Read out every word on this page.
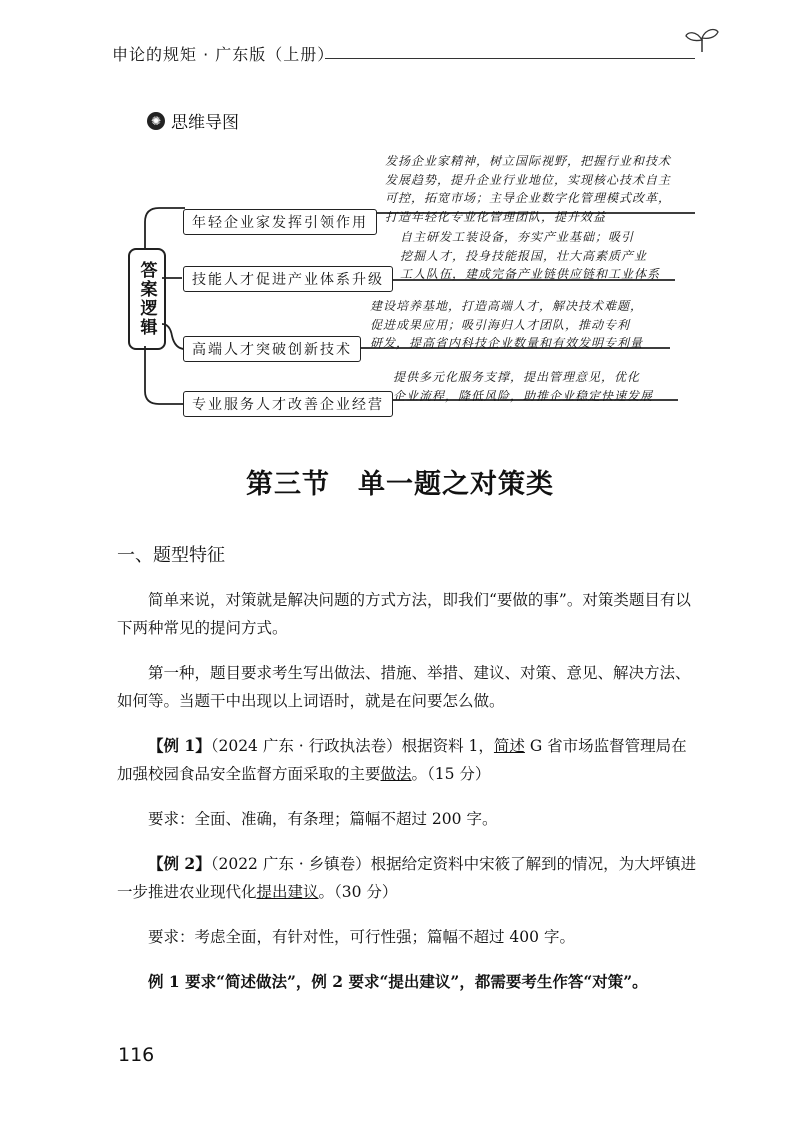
申论的规矩 · 广东版（上册）
✺ 思维导图
答案逻辑
年轻企业家发挥引领作用
发扬企业家精神，树立国际视野，把握行业和技术
发展趋势，提升企业行业地位，实现核心技术自主
可控，拓宽市场；主导企业数字化管理模式改革，
打造年轻化专业化管理团队，提升效益
技能人才促进产业体系升级
自主研发工装设备，夯实产业基础；吸引
挖掘人才，投身技能报国，壮大高素质产业
工人队伍，建成完备产业链供应链和工业体系
高端人才突破创新技术
建设培养基地，打造高端人才，解决技术难题，
促进成果应用；吸引海归人才团队，推动专利
研发，提高省内科技企业数量和有效发明专利量
专业服务人才改善企业经营
提供多元化服务支撑，提出管理意见，优化
企业流程，降低风险，助推企业稳定快速发展
第三节　单一题之对策类
一、题型特征

简单来说，对策就是解决问题的方式方法，即我们“要做的事”。对策类题目有以下两种常见的提问方式。

第一种，题目要求考生写出做法、措施、举措、建议、对策、意见、解决方法、如何等。当题干中出现以上词语时，就是在问要怎么做。

【例 1】（2024 广东 · 行政执法卷）根据资料 1，简述 G 省市场监督管理局在加强校园食品安全监督方面采取的主要做法。（15 分）

要求：全面、准确，有条理；篇幅不超过 200 字。

【例 2】（2022 广东 · 乡镇卷）根据给定资料中宋筱了解到的情况，为大坪镇进一步推进农业现代化提出建议。（30 分）

要求：考虑全面，有针对性，可行性强；篇幅不超过 400 字。

例 1 要求“简述做法”，例 2 要求“提出建议”，都需要考生作答“对策”。

116
